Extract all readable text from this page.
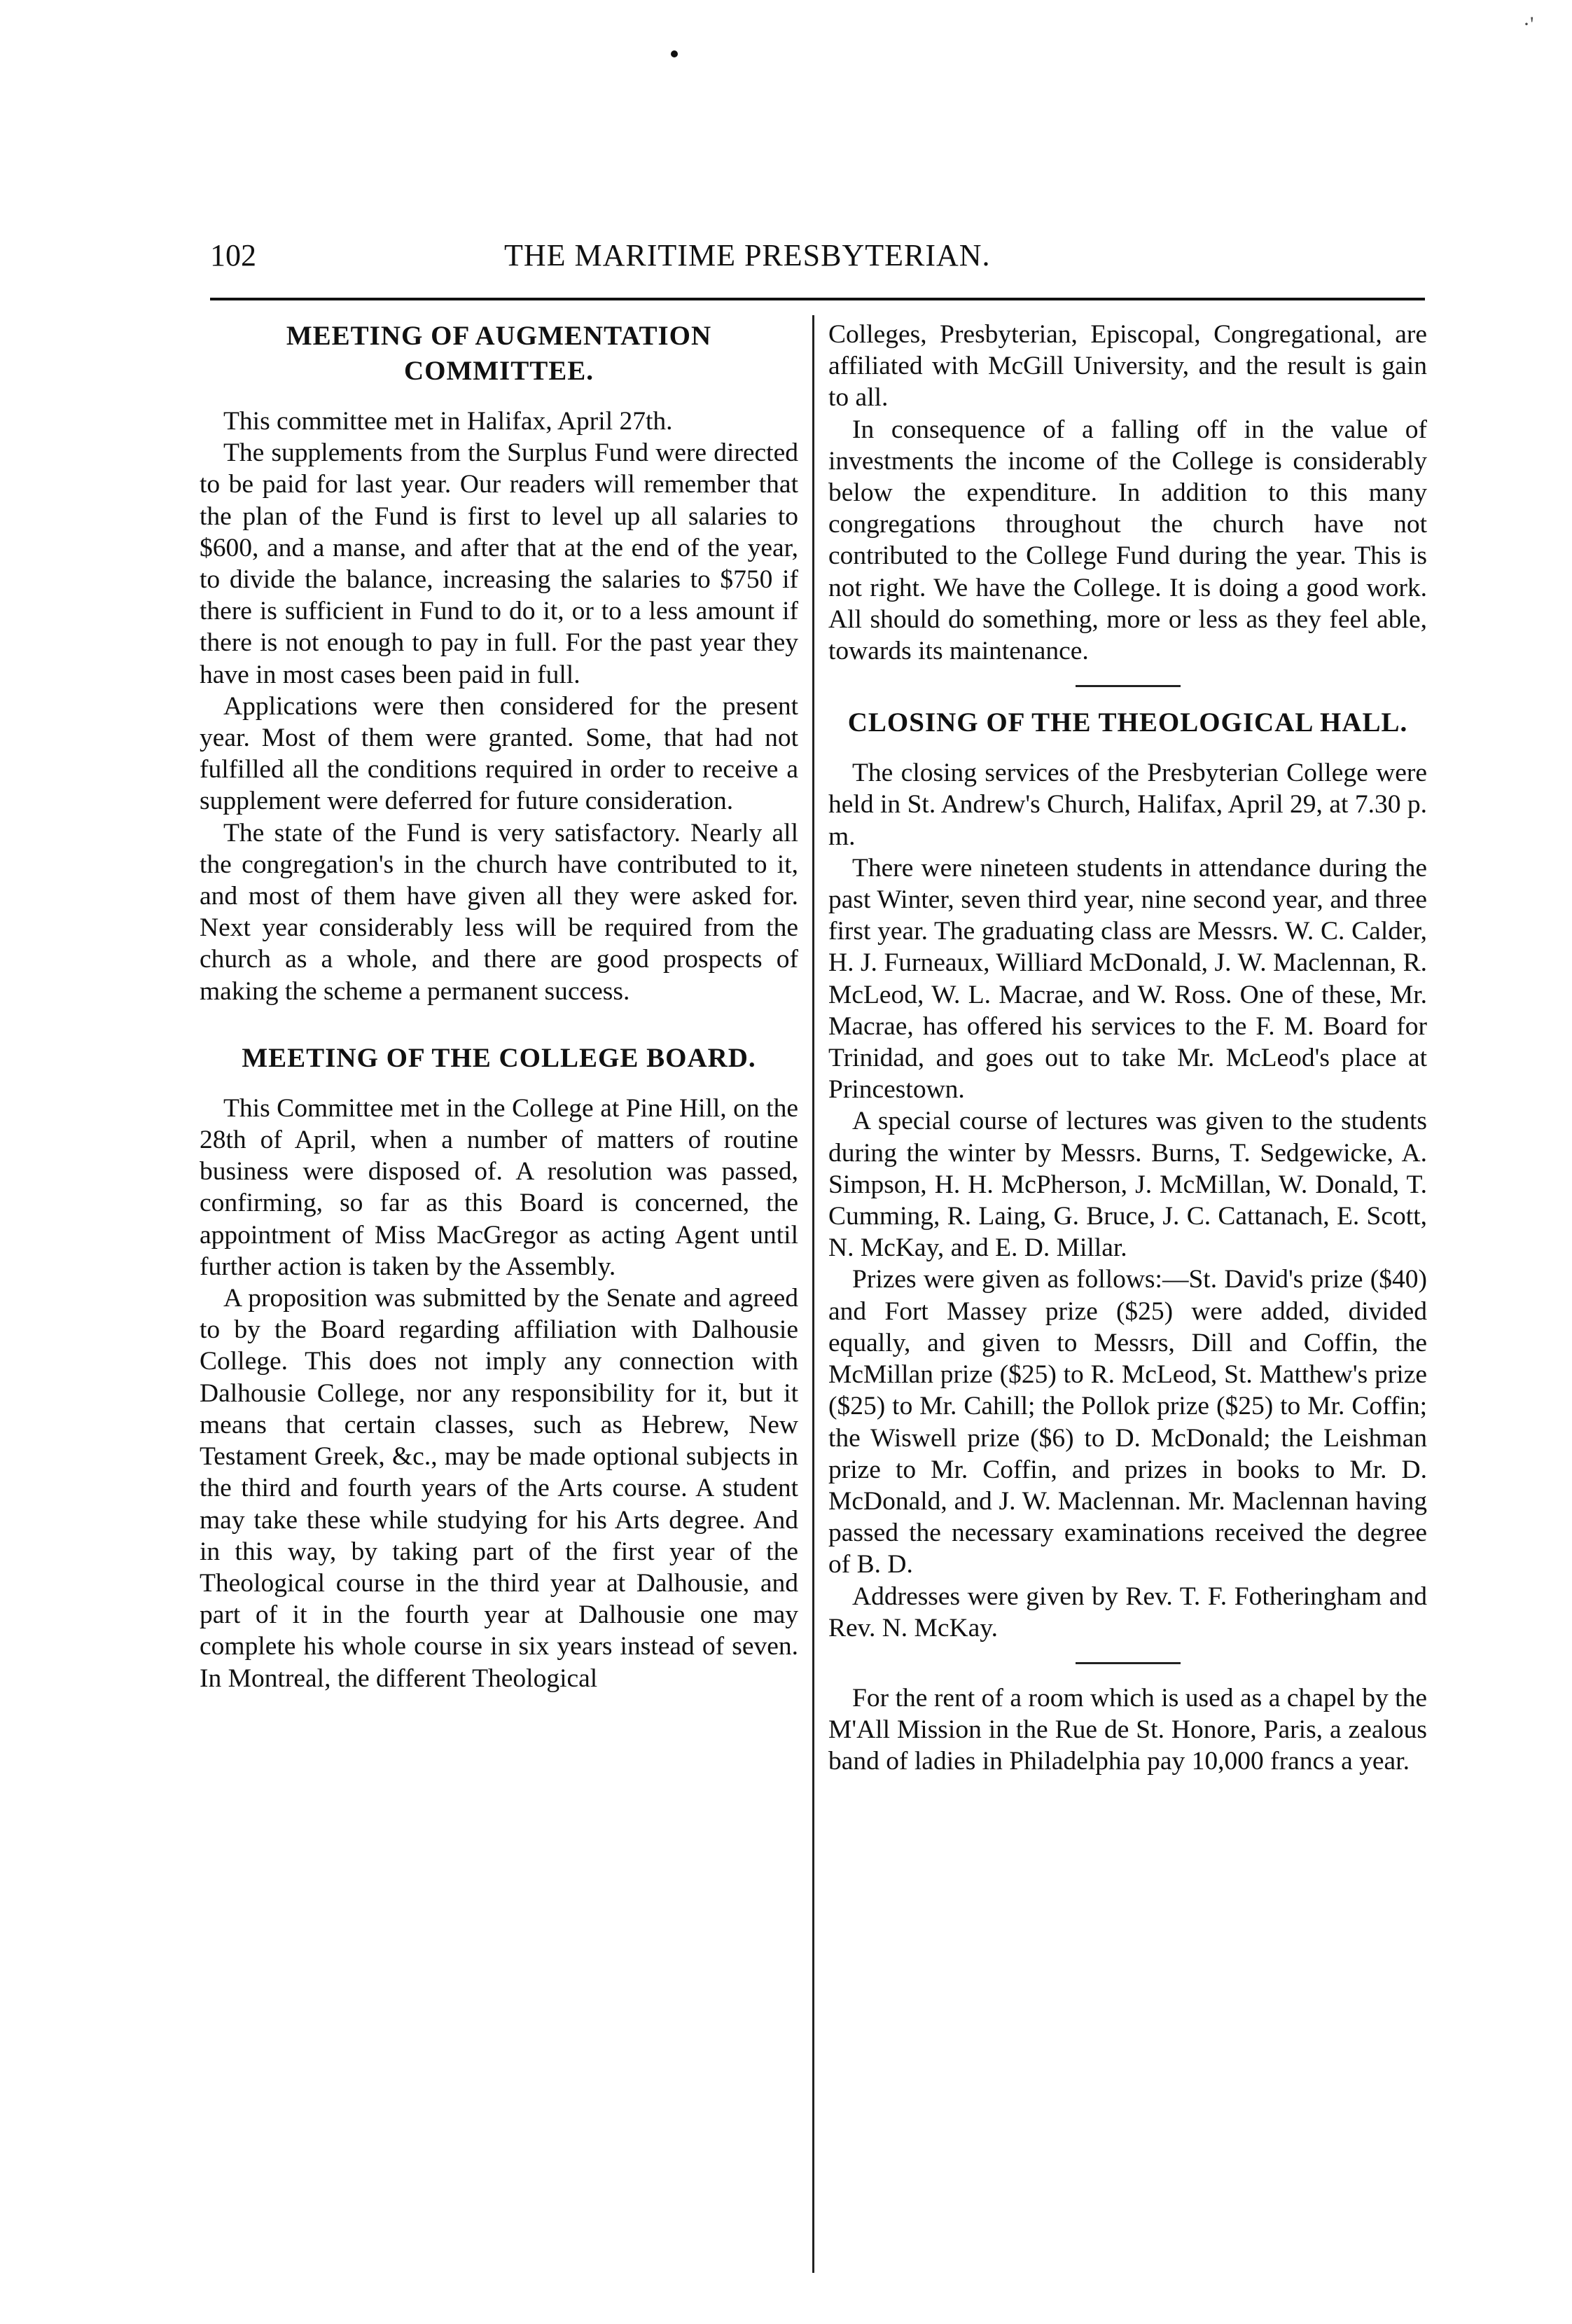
·'
102	THE MARITIME PRESBYTERIAN.
MEETING OF AUGMENTATION COMMITTEE.

This committee met in Halifax, April 27th.

The supplements from the Surplus Fund were directed to be paid for last year. Our readers will remember that the plan of the Fund is first to level up all salaries to $600, and a manse, and after that at the end of the year, to divide the balance, increasing the salaries to $750 if there is sufficient in Fund to do it, or to a less amount if there is not enough to pay in full. For the past year they have in most cases been paid in full.

Applications were then considered for the present year. Most of them were granted. Some, that had not fulfilled all the conditions required in order to receive a supplement were deferred for future consideration.

The state of the Fund is very satisfactory. Nearly all the congregation's in the church have contributed to it, and most of them have given all they were asked for. Next year considerably less will be required from the church as a whole, and there are good prospects of making the scheme a permanent success.

MEETING OF THE COLLEGE BOARD.

This Committee met in the College at Pine Hill, on the 28th of April, when a number of matters of routine business were disposed of. A resolution was passed, confirming, so far as this Board is concerned, the appointment of Miss MacGregor as acting Agent until further action is taken by the Assembly.

A proposition was submitted by the Senate and agreed to by the Board regarding affiliation with Dalhousie College. This does not imply any connection with Dalhousie College, nor any responsibility for it, but it means that certain classes, such as Hebrew, New Testament Greek, &c., may be made optional subjects in the third and fourth years of the Arts course. A student may take these while studying for his Arts degree. And in this way, by taking part of the first year of the Theological course in the third year at Dalhousie, and part of it in the fourth year at Dalhousie one may complete his whole course in six years instead of seven. In Montreal, the different Theological

Colleges, Presbyterian, Episcopal, Congregational, are affiliated with McGill University, and the result is gain to all.

In consequence of a falling off in the value of investments the income of the College is considerably below the expenditure. In addition to this many congregations throughout the church have not contributed to the College Fund during the year. This is not right. We have the College. It is doing a good work. All should do something, more or less as they feel able, towards its maintenance.

CLOSING OF THE THEOLOGICAL HALL.

The closing services of the Presbyterian College were held in St. Andrew's Church, Halifax, April 29, at 7.30 p. m.

There were nineteen students in attendance during the past Winter, seven third year, nine second year, and three first year. The graduating class are Messrs. W. C. Calder, H. J. Furneaux, Williard McDonald, J. W. Maclennan, R. McLeod, W. L. Macrae, and W. Ross. One of these, Mr. Macrae, has offered his services to the F. M. Board for Trinidad, and goes out to take Mr. McLeod's place at Princestown.

A special course of lectures was given to the students during the winter by Messrs. Burns, T. Sedgewicke, A. Simpson, H. H. McPherson, J. McMillan, W. Donald, T. Cumming, R. Laing, G. Bruce, J. C. Cattanach, E. Scott, N. McKay, and E. D. Millar.

Prizes were given as follows:—St. David's prize ($40) and Fort Massey prize ($25) were added, divided equally, and given to Messrs, Dill and Coffin, the McMillan prize ($25) to R. McLeod, St. Matthew's prize ($25) to Mr. Cahill; the Pollok prize ($25) to Mr. Coffin; the Wiswell prize ($6) to D. McDonald; the Leishman prize to Mr. Coffin, and prizes in books to Mr. D. McDonald, and J. W. Maclennan. Mr. Maclennan having passed the necessary examinations received the degree of B. D.

Addresses were given by Rev. T. F. Fotheringham and Rev. N. McKay.

For the rent of a room which is used as a chapel by the M'All Mission in the Rue de St. Honore, Paris, a zealous band of ladies in Philadelphia pay 10,000 francs a year.
